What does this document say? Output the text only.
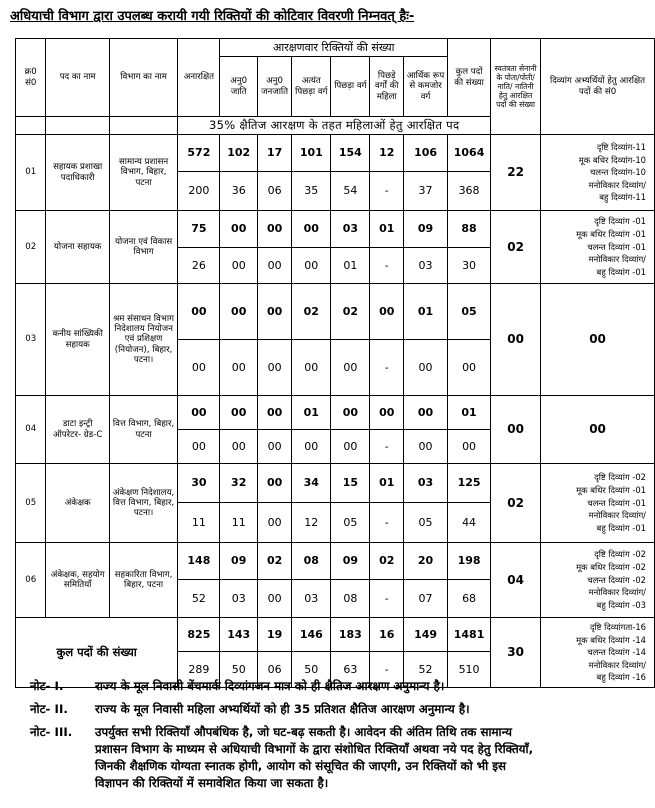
अधियाची विभाग द्वारा उपलब्ध करायी गयी रिक्तियों की कोटिवार विवरणी निम्नवत् हैः-
क्र0 सं0	पद का नाम	विभाग का नाम	अनारक्षित	आरक्षणवार रिक्तियों की संख्या						कुल पदों की संख्या	स्वतंत्रता सेनानी के पोता/पोती/ नाति/ नातिनी हेतु आरक्षित पदों की संख्या	दिव्यांग अभ्यर्थियों हेतु आरक्षित पदों की सं0
				अनु0 जाति	अनु0 जनजाति	अत्यंत पिछड़ा वर्ग	पिछड़ा वर्ग	पिछड़े वर्गों की महिला	आर्थिक रूप से कमजोर वर्ग			
			35% क्षैतिज आरक्षण के तहत महिलाओं हेतु आरक्षित पद									
01	सहायक प्रशाखा पदाधिकारी	सामान्य प्रशासन विभाग, बिहार, पटना	572	102	17	101	154	12	106	1064	22	दृष्टि दिव्यांग-11
मूक बधिर दिव्यांग-10
चलन्त दिव्यांग-10
मनोविकार दिव्यांग/
बहु दिव्यांग-11

			200	36	06	35	54	-	37	368		
02	योजना सहायक	योजना एवं विकास विभाग	75	00	00	00	03	01	09	88	02	दृष्टि दिव्यांग -01
मूक बधिर दिव्यांग -01
चलन्त दिव्यांग -01
मनोविकार दिव्यांग/
बहु दिव्यांग -01

			26	00	00	00	01	-	03	30		
03	कनीय सांख्यिकी सहायक	श्रम संसाधन विभाग निदेशालय नियोजन एवं प्रशिक्षण (नियोजन), बिहार, पटना।	00	00	00	02	02	00	01	05	00	00

			00	00	00	00	00	-	00	00		
04	डाटा इन्ट्री ऑपरेटर- ग्रेड-C	वित्त विभाग, बिहार, पटना	00	00	00	01	00	00	00	01	00	00

			00	00	00	00	00	-	00	00		
05	अंकेक्षक	अंकेक्षण निदेशालय, वित्त विभाग, बिहार, पटना।	30	32	00	34	15	01	03	125	02	दृष्टि दिव्यांग -02
मूक बधिर दिव्यांग -01
चलन्त दिव्यांग -01
मनोविकार दिव्यांग/
बहु दिव्यांग -01

			11	11	00	12	05	-	05	44		
06	अंकेक्षक, सहयोग समितियाँ	सहकारिता विभाग, बिहार, पटना	148	09	02	08	09	02	20	198	04	दृष्टि दिव्यांग -02
मूक बधिर दिव्यांग -02
चलन्त दिव्यांग -02
मनोविकार दिव्यांग/
बहु दिव्यांग -03

			52	03	00	03	08	-	07	68		
कुल पदों की संख्या			825	143	19	146	183	16	149	1481	30	दृष्टि दिव्यांगता-16
मूक बधिर दिव्यांग -14
चलन्त दिव्यांग -14
मनोविकार दिव्यांग/
बहु दिव्यांग -16

			289	50	06	50	63	-	52	510		
नोट- I.	राज्य के मूल निवासी बेंचमार्क दिव्यांगजन मात्र को ही क्षैतिज आरक्षण अनुमान्य है।
नोट- II.	राज्य के मूल निवासी महिला अभ्यर्थियों को ही 35 प्रतिशत क्षैतिज आरक्षण अनुमान्य है।
नोट- III.	उपर्युक्त सभी रिक्तियाँ औपबंधिक है, जो घट-बढ़ सकती है। आवेदन की अंतिम तिथि तक सामान्य
प्रशासन विभाग के माध्यम से अधियाची विभागों के द्वारा संशोधित रिक्तियाँ अथवा नये पद हेतु रिक्तियाँ,
जिनकी शैक्षणिक योग्यता स्नातक होगी, आयोग को संसूचित की जाएगी, उन रिक्तियों को भी इस
विज्ञापन की रिक्तियों में समावेशित किया जा सकता है।
